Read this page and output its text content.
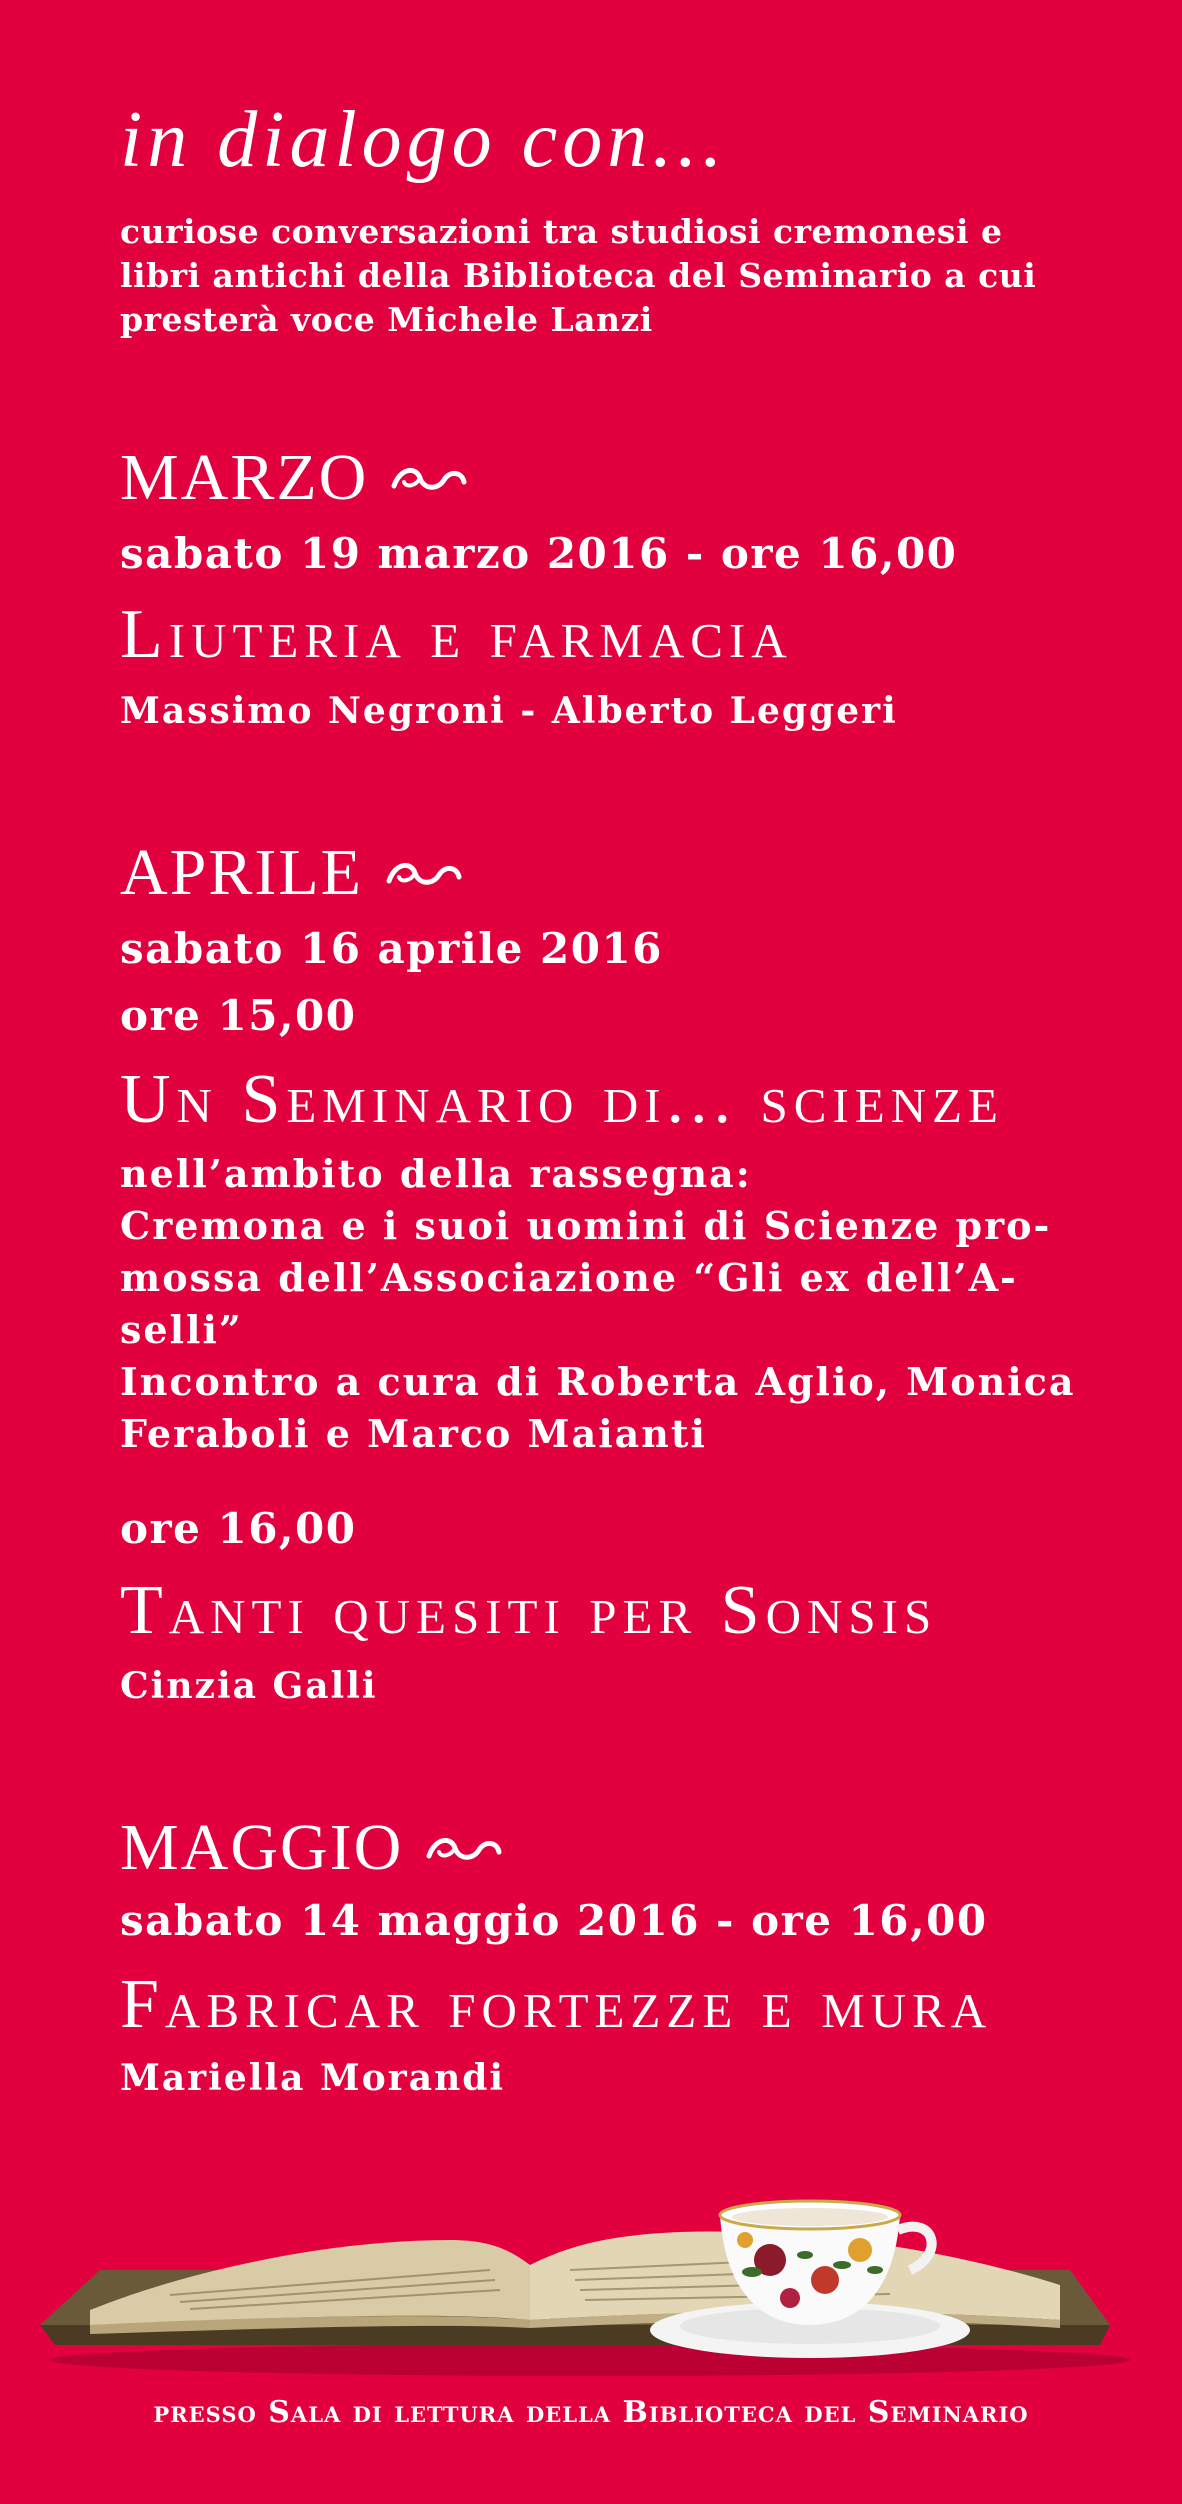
in dialogo con...
curiose conversazioni tra studiosi cremonesi e
libri antichi della Biblioteca del Seminario a cui
presterà voce Michele Lanzi
MARZO
sabato 19 marzo 2016 - ore 16,00
Liuteria e farmacia
Massimo Negroni - Alberto Leggeri
APRILE
sabato 16 aprile 2016
ore 15,00
Un Seminario di... scienze
nell’ambito della rassegna:
Cremona e i suoi uomini di Scienze pro-
mossa dell’Associazione “Gli ex dell’A-
selli”
Incontro a cura di Roberta Aglio, Monica
Feraboli e Marco Maianti
ore 16,00
Tanti quesiti per Sonsis
Cinzia Galli
MAGGIO
sabato 14 maggio 2016 - ore 16,00
Fabricar fortezze e mura
Mariella Morandi
presso Sala di lettura della Biblioteca del Seminario
